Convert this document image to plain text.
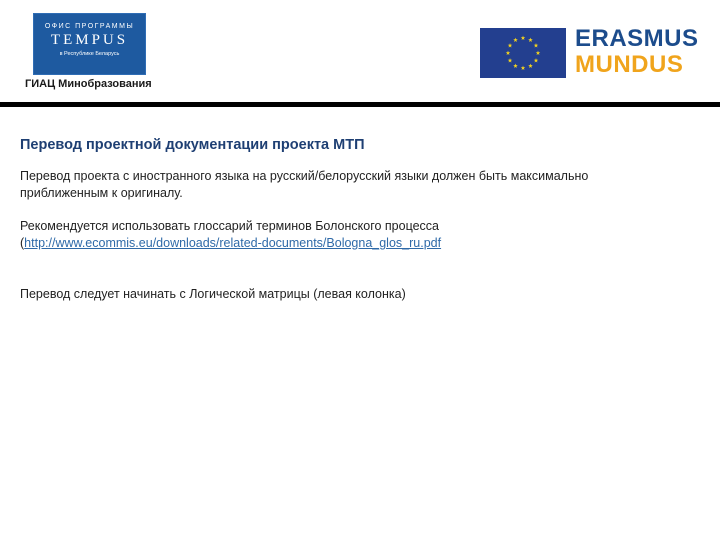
ОФИС ПРОГРАММЫ
TEMPUS
в Республике Беларусь
ГИАЦ Минобразования
ERASMUS
MUNDUS
Перевод проектной документации проекта МТП
Перевод проекта с иностранного языка на русский/белорусский языки должен быть максимально
приближенным к оригиналу.
Рекомендуется использовать глоссарий терминов Болонского процесса
(http://www.ecommis.eu/downloads/related-documents/Bologna_glos_ru.pdf
Перевод следует начинать с Логической матрицы (левая колонка)
